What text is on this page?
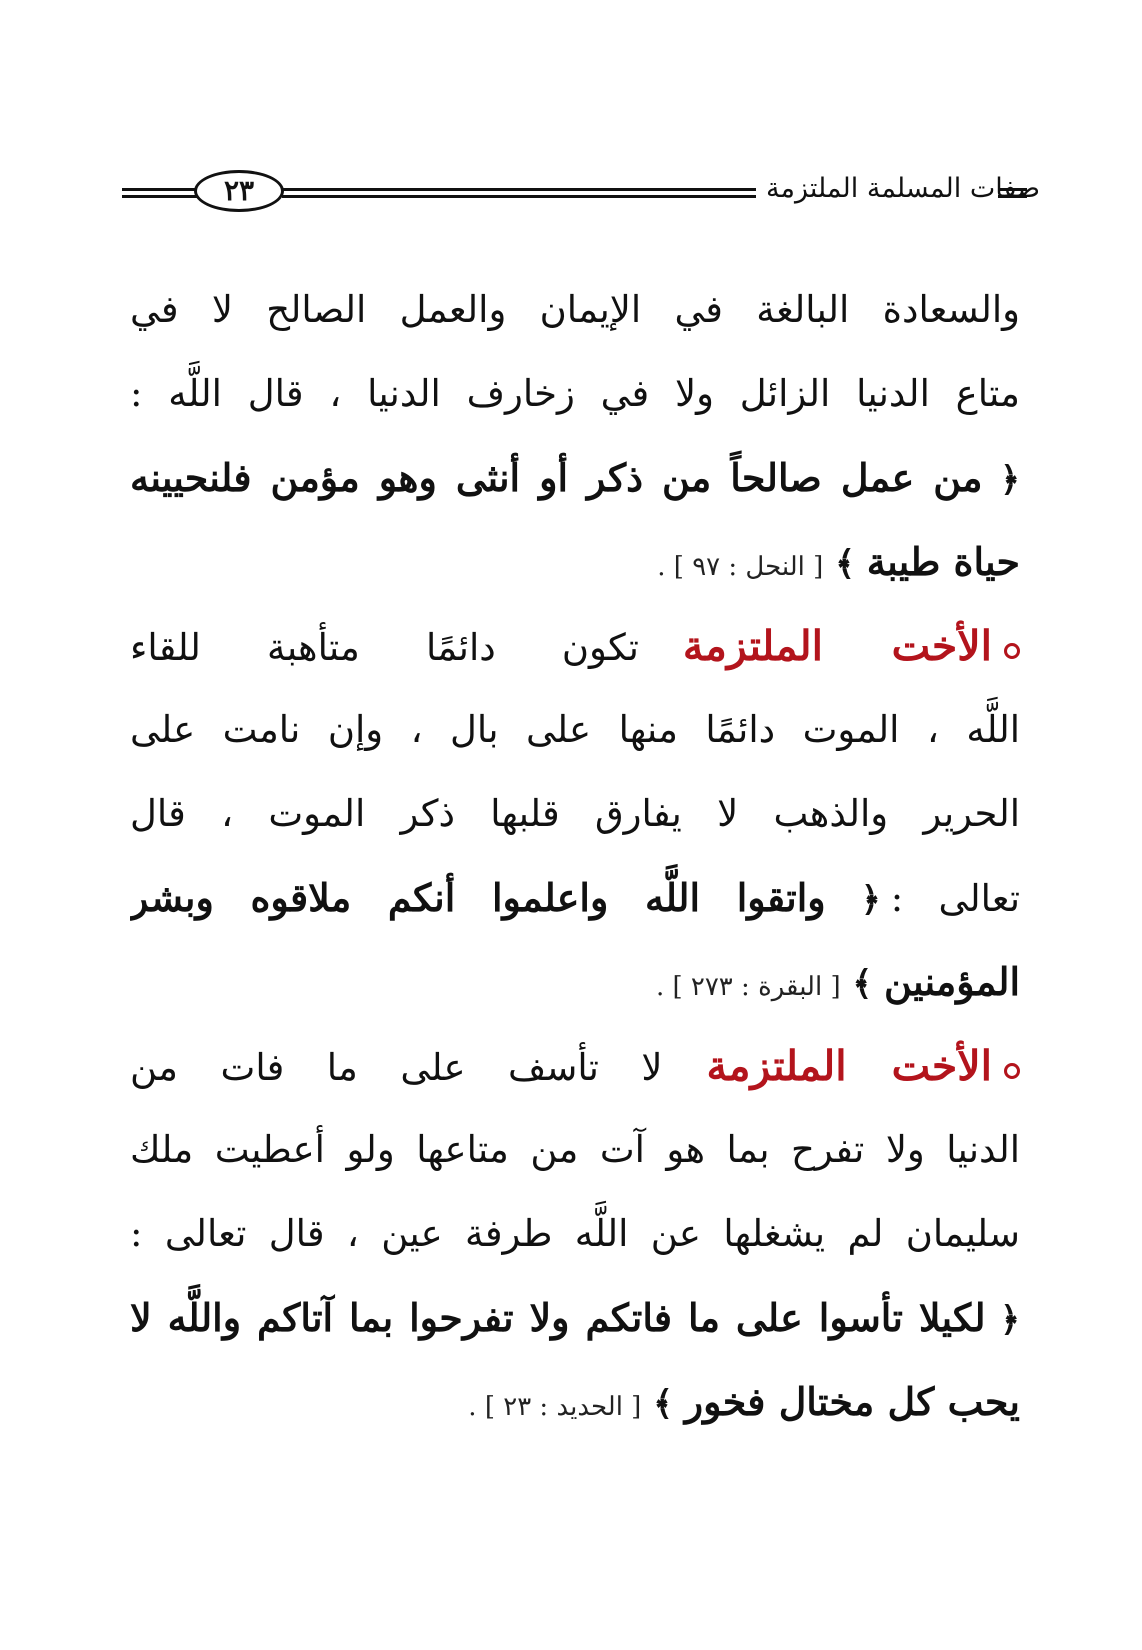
٢٣	صفات المسلمة الملتزمة
والسعادة البالغة في الإيمان والعمل الصالح لا في
متاع الدنيا الزائل ولا في زخارف الدنيا ، قال اللَّه :
﴿ من عمل صالحاً من ذكر أو أنثى وهو مؤمن فلنحيينه
حياة طيبة ﴾ [ النحل : ٩٧ ] .
الأخت الملتزمةتكون دائمًا متأهبة للقاء
اللَّه ، الموت دائمًا منها على بال ، وإن نامت على
الحرير والذهب لا يفارق قلبها ذكر الموت ، قال
تعالى :﴿ واتقوا اللَّه واعلموا أنكم ملاقوه وبشر
المؤمنين ﴾ [ البقرة : ٢٧٣ ] .
الأخت الملتزمةلا تأسف على ما فات من
الدنيا ولا تفرح بما هو آت من متاعها ولو أعطيت ملك
سليمان لم يشغلها عن اللَّه طرفة عين ، قال تعالى :
﴿ لكيلا تأسوا على ما فاتكم ولا تفرحوا بما آتاكم واللَّه لا
يحب كل مختال فخور ﴾ [ الحديد : ٢٣ ] .
